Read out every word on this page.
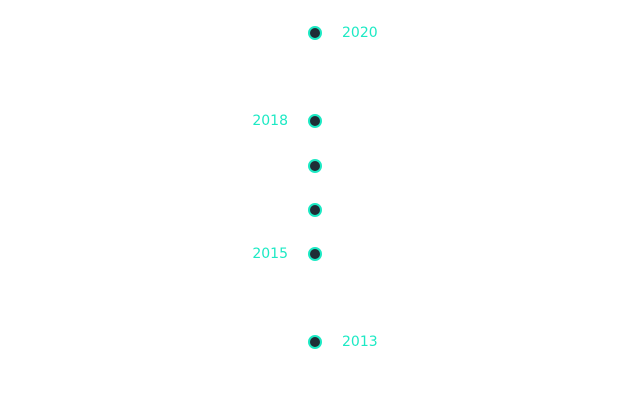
2020
2018
2015
2013
